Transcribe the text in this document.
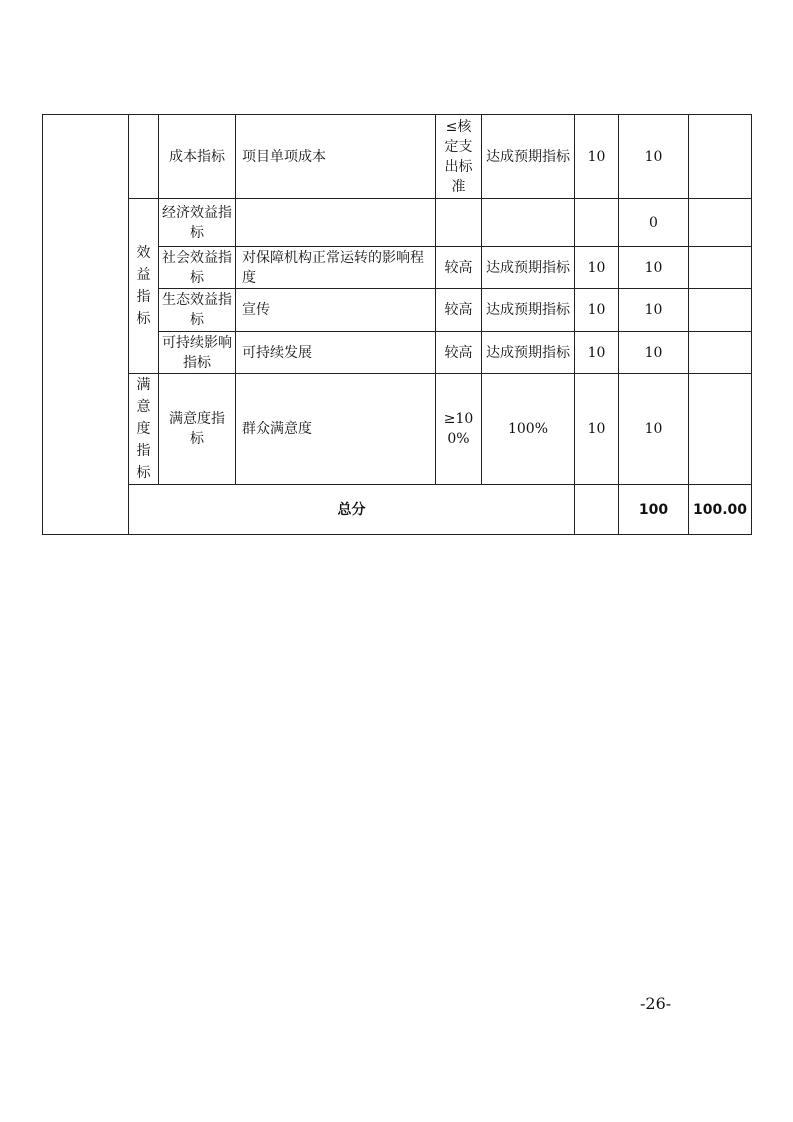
		成本指标	项目单项成本	≤核定支出标准	达成预期指标	10	10		
	效益指标	经济效益指标					0		
		社会效益指标	对保障机构正常运转的影响程度	较高	达成预期指标	10	10		
		生态效益指标	宣传	较高	达成预期指标	10	10		
		可持续影响指标	可持续发展	较高	达成预期指标	10	10		
	满意度指标	满意度指标	群众满意度	≥100%	100%	10	10		
	总分						100	100.00	
-26-
